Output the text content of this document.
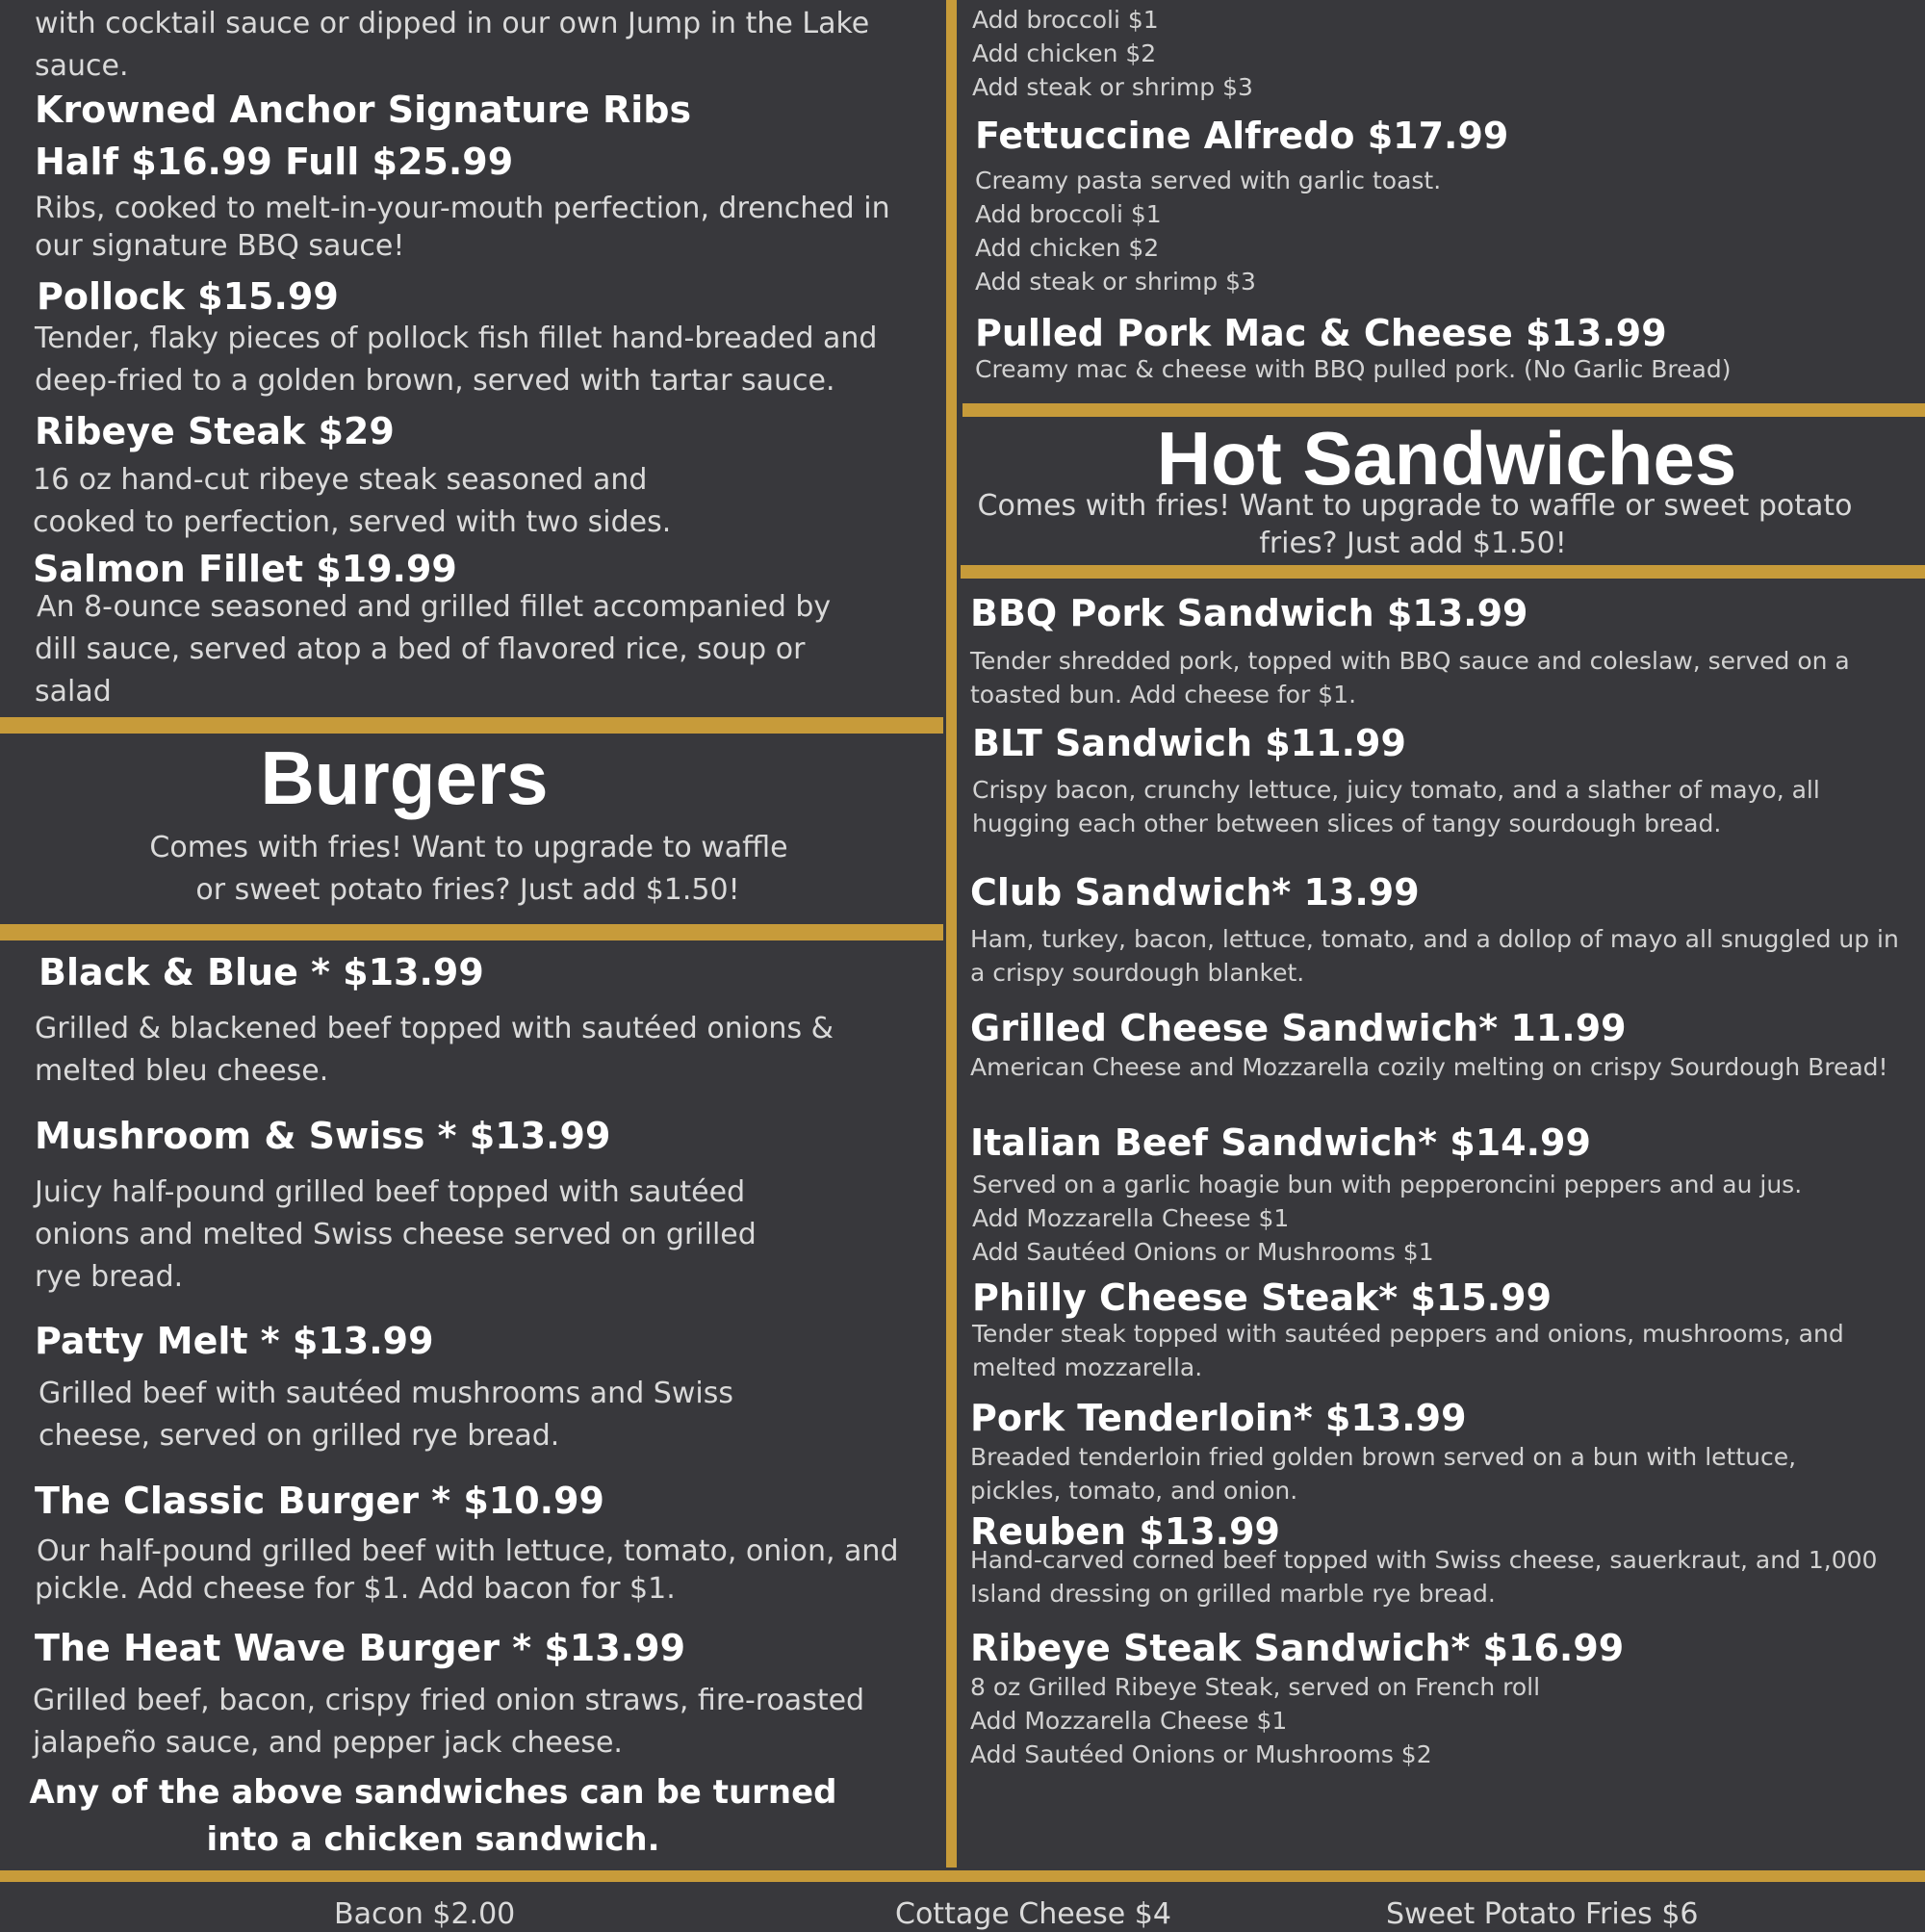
with cocktail sauce or dipped in our own Jump in the Lake
sauce.
Krowned Anchor Signature Ribs
Half $16.99 Full $25.99
Ribs, cooked to melt-in-your-mouth perfection, drenched in
our signature BBQ sauce!
Pollock $15.99
Tender, flaky pieces of pollock fish fillet hand-breaded and
deep-fried to a golden brown, served with tartar sauce.
Ribeye Steak $29
16 oz hand-cut ribeye steak seasoned and
cooked to perfection, served with two sides.
Salmon Fillet $19.99
An 8-ounce seasoned and grilled fillet accompanied by
dill sauce, served atop a bed of flavored rice, soup or
salad
Burgers
Comes with fries! Want to upgrade to waffle
or sweet potato fries? Just add $1.50!
Black & Blue * $13.99
Grilled & blackened beef topped with sautéed onions &
melted bleu cheese.
Mushroom & Swiss * $13.99
Juicy half-pound grilled beef topped with sautéed
onions and melted Swiss cheese served on grilled
rye bread.
Patty Melt * $13.99
Grilled beef with sautéed mushrooms and Swiss
cheese, served on grilled rye bread.
The Classic Burger * $10.99
Our half-pound grilled beef with lettuce, tomato, onion, and
pickle. Add cheese for $1. Add bacon for $1.
The Heat Wave Burger * $13.99
Grilled beef, bacon, crispy fried onion straws, fire-roasted
jalapeño sauce, and pepper jack cheese.
Any of the above sandwiches can be turned
into a chicken sandwich.
Add broccoli $1
Add chicken $2
Add steak or shrimp $3
Fettuccine Alfredo $17.99
Creamy pasta served with garlic toast.
Add broccoli $1
Add chicken $2
Add steak or shrimp $3
Pulled Pork Mac & Cheese $13.99
Creamy mac & cheese with BBQ pulled pork. (No Garlic Bread)
Hot Sandwiches
Comes with fries! Want to upgrade to waffle or sweet potato
fries? Just add $1.50!
BBQ Pork Sandwich $13.99
Tender shredded pork, topped with BBQ sauce and coleslaw, served on a
toasted bun. Add cheese for $1.
BLT Sandwich $11.99
Crispy bacon, crunchy lettuce, juicy tomato, and a slather of mayo, all
hugging each other between slices of tangy sourdough bread.
Club Sandwich* 13.99
Ham, turkey, bacon, lettuce, tomato, and a dollop of mayo all snuggled up in
a crispy sourdough blanket.
Grilled Cheese Sandwich* 11.99
American Cheese and Mozzarella cozily melting on crispy Sourdough Bread!
Italian Beef Sandwich* $14.99
Served on a garlic hoagie bun with pepperoncini peppers and au jus.
Add Mozzarella Cheese $1
Add Sautéed Onions or Mushrooms $1
Philly Cheese Steak* $15.99
Tender steak topped with sautéed peppers and onions, mushrooms, and
melted mozzarella.
Pork Tenderloin* $13.99
Breaded tenderloin fried golden brown served on a bun with lettuce,
pickles, tomato, and onion.
Reuben $13.99
Hand-carved corned beef topped with Swiss cheese, sauerkraut, and 1,000
Island dressing on grilled marble rye bread.
Ribeye Steak Sandwich* $16.99
8 oz Grilled Ribeye Steak, served on French roll
Add Mozzarella Cheese $1
Add Sautéed Onions or Mushrooms $2
Bacon $2.00	Cottage Cheese $4	Sweet Potato Fries $6
